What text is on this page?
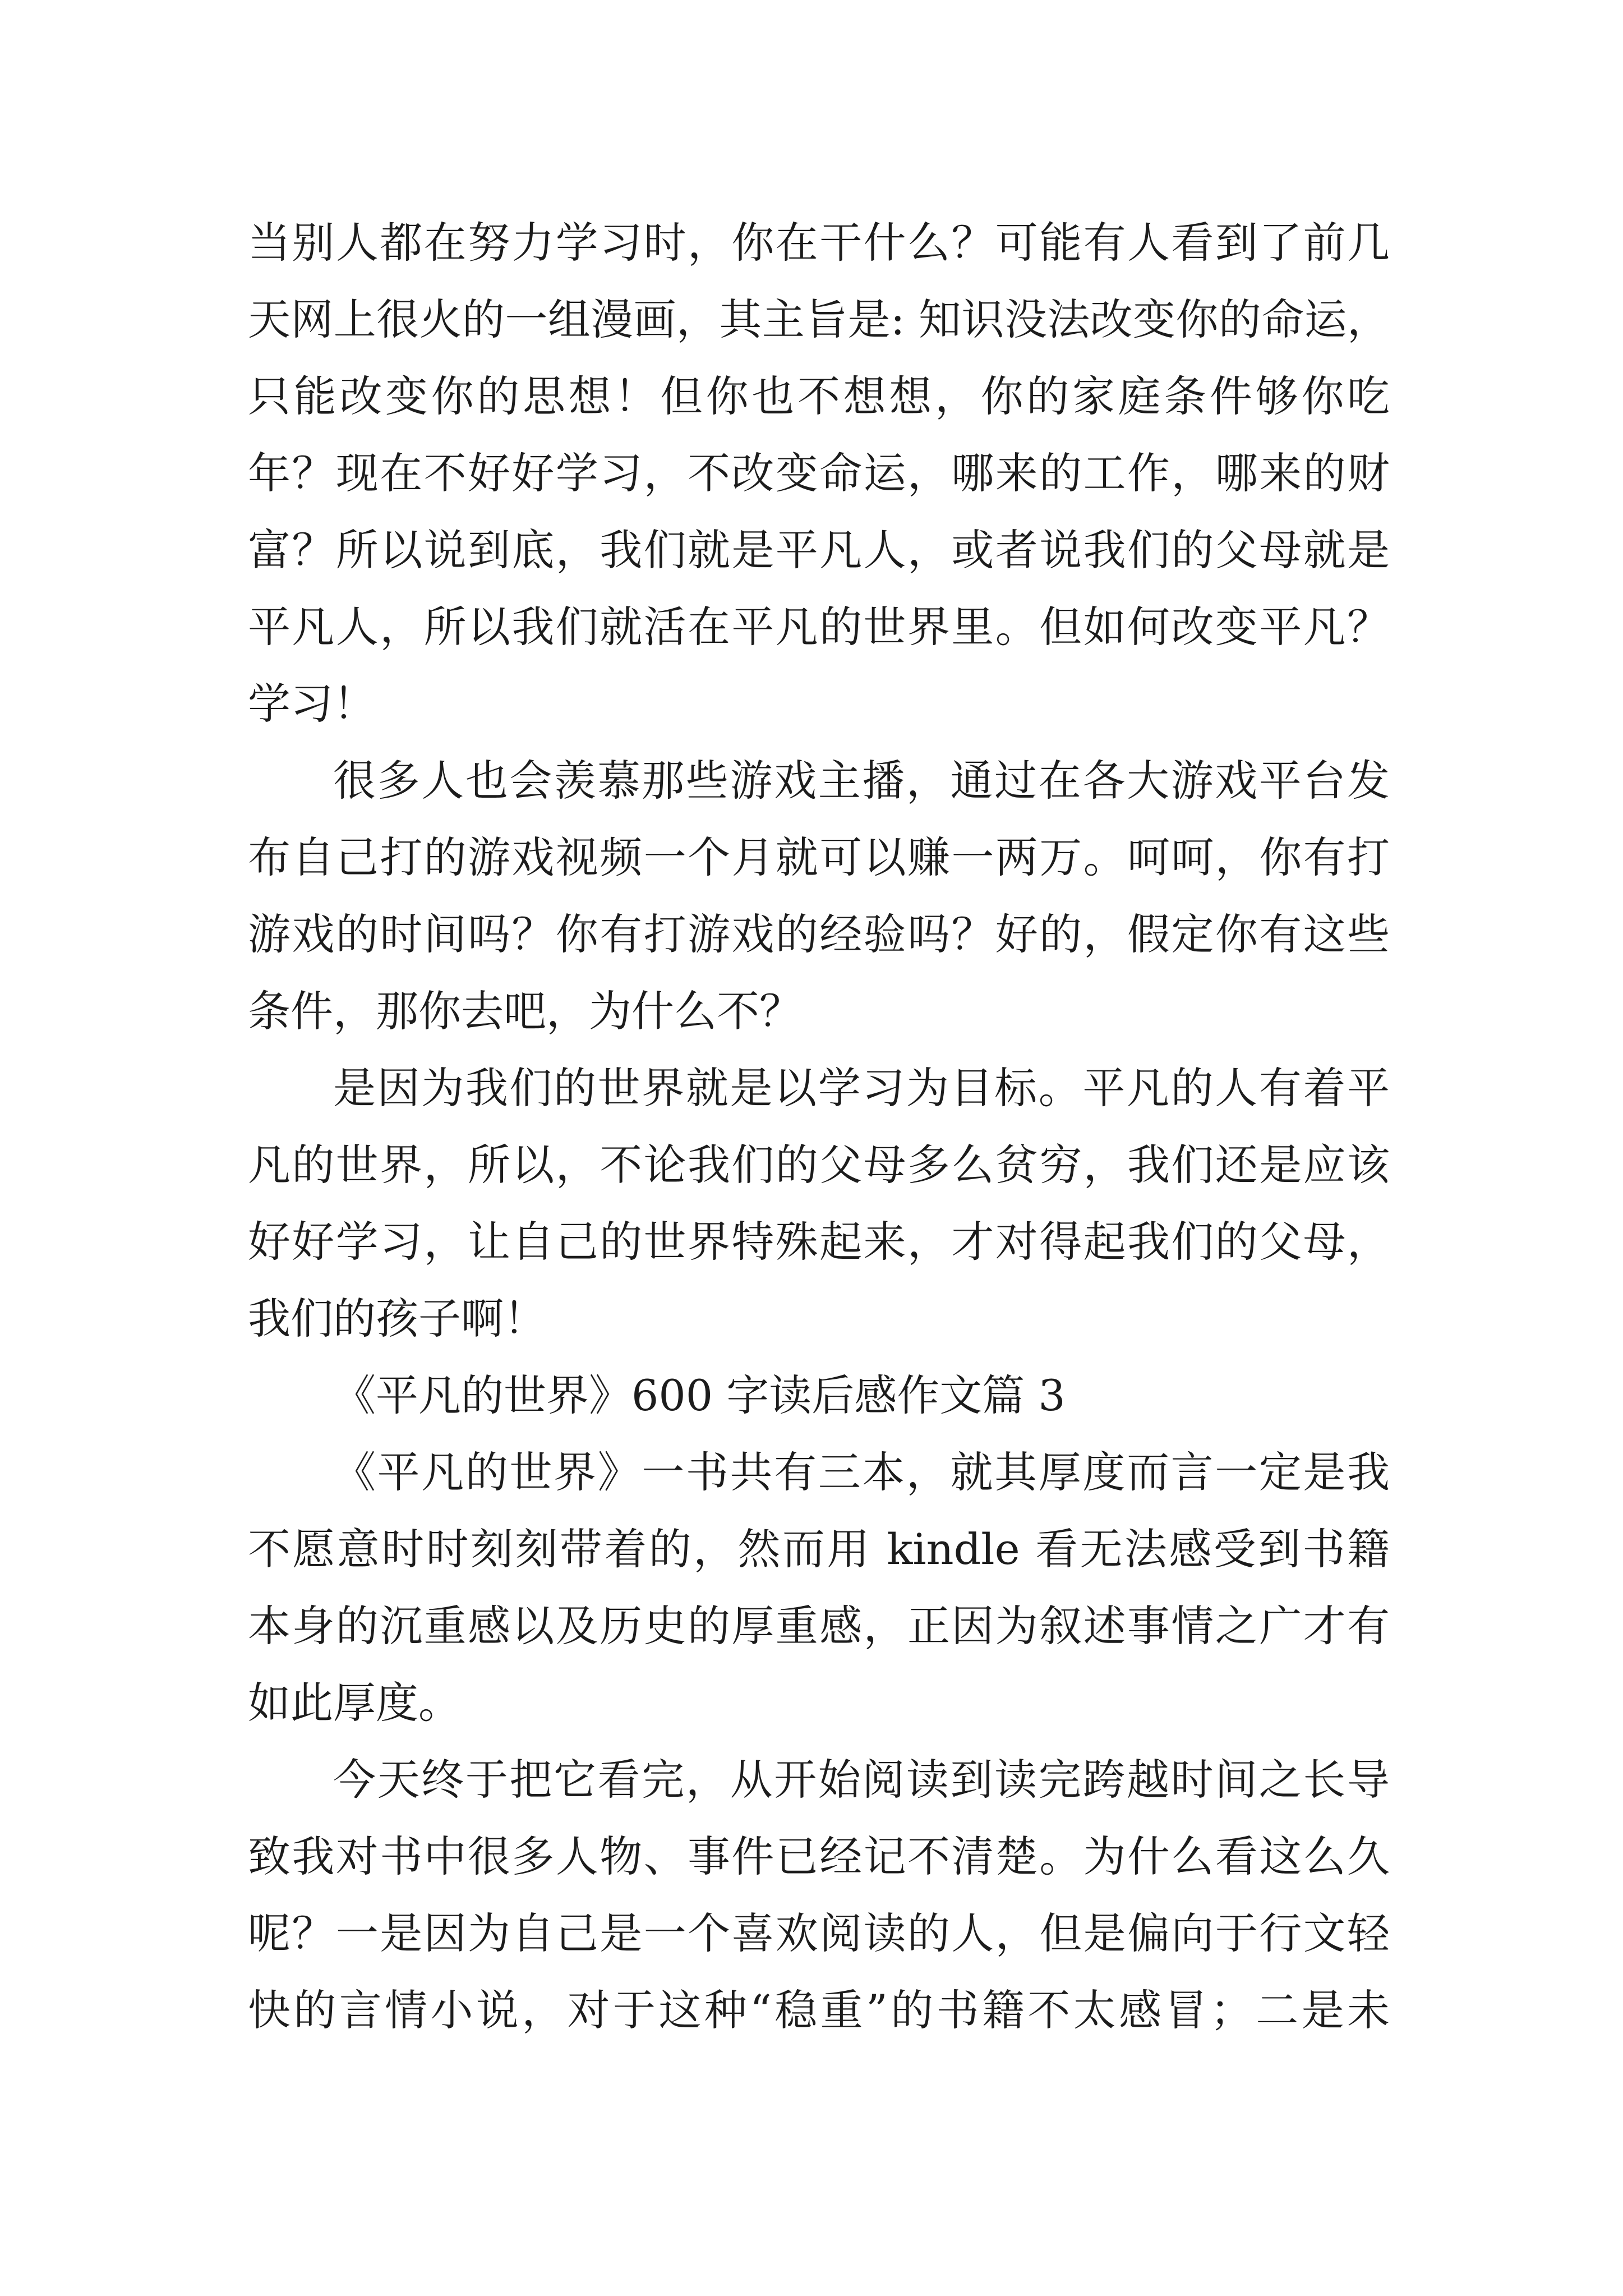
当别人都在努力学习时，你在干什么？可能有人看到了前几
天网上很火的一组漫画，其主旨是: 知识没法改变你的命运，
只能改变你的思想！但你也不想想，你的家庭条件够你吃
年？现在不好好学习，不改变命运，哪来的工作，哪来的财
富？所以说到底，我们就是平凡人，或者说我们的父母就是
平凡人，所以我们就活在平凡的世界里。但如何改变平凡？
学习！
很多人也会羡慕那些游戏主播，通过在各大游戏平台发
布自己打的游戏视频一个月就可以赚一两万。呵呵，你有打
游戏的时间吗？你有打游戏的经验吗？好的，假定你有这些
条件，那你去吧，为什么不？
是因为我们的世界就是以学习为目标。平凡的人有着平
凡的世界，所以，不论我们的父母多么贫穷，我们还是应该
好好学习，让自己的世界特殊起来，才对得起我们的父母，
我们的孩子啊！
《平凡的世界》600 字读后感作文篇 3
《平凡的世界》一书共有三本，就其厚度而言一定是我
不愿意时时刻刻带着的，然而用 kindle 看无法感受到书籍
本身的沉重感以及历史的厚重感，正因为叙述事情之广才有
如此厚度。
今天终于把它看完，从开始阅读到读完跨越时间之长导
致我对书中很多人物、事件已经记不清楚。为什么看这么久
呢？一是因为自己是一个喜欢阅读的人，但是偏向于行文轻
快的言情小说，对于这种“稳重”的书籍不太感冒；二是未
